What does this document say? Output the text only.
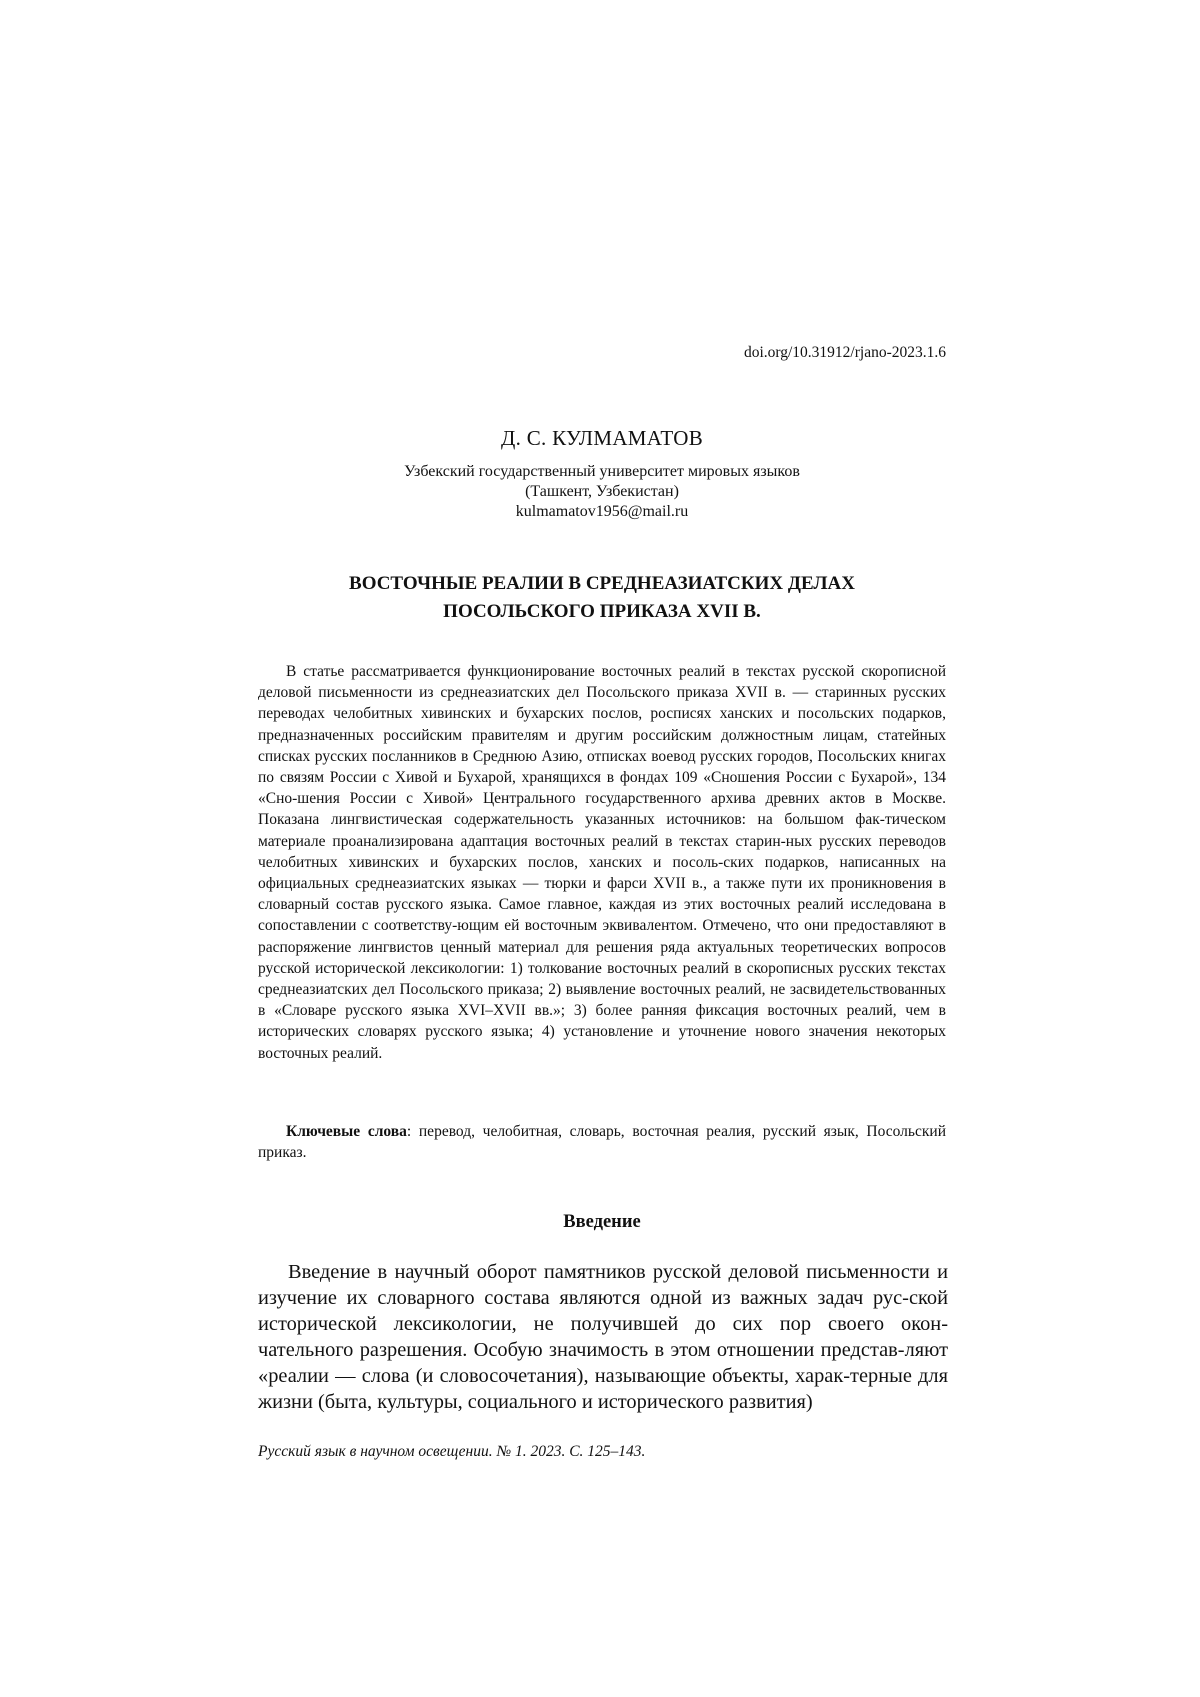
doi.org/10.31912/rjano-2023.1.6

Д. С. КУЛМАМАТОВ

Узбекский государственный университет мировых языков

(Ташкент, Узбекистан)

kulmamatov1956@mail.ru

ВОСТОЧНЫЕ РЕАЛИИ В СРЕДНЕАЗИАТСКИХ ДЕЛАХ
ПОСОЛЬСКОГО ПРИКАЗА XVII В.

В статье рассматривается функционирование восточных реалий в текстах русской скорописной деловой письменности из среднеазиатских дел Посольского приказа XVII в. — старинных русских переводах челобитных хивинских и бухарских послов, росписях ханских и посольских подарков, предназначенных российским правителям и другим российским должностным лицам, статейных списках русских посланников в Среднюю Азию, отписках воевод русских городов, Посольских книгах по связям России с Хивой и Бухарой, хранящихся в фондах 109 «Сношения России с Бухарой», 134 «Сно-шения России с Хивой» Центрального государственного архива древних актов в Москве. Показана лингвистическая содержательность указанных источников: на большом фак-тическом материале проанализирована адаптация восточных реалий в текстах старин-ных русских переводов челобитных хивинских и бухарских послов, ханских и посоль-ских подарков, написанных на официальных среднеазиатских языках — тюрки и фарси XVII в., а также пути их проникновения в словарный состав русского языка. Самое главное, каждая из этих восточных реалий исследована в сопоставлении с соответству-ющим ей восточным эквивалентом. Отмечено, что они предоставляют в распоряжение лингвистов ценный материал для решения ряда актуальных теоретических вопросов русской исторической лексикологии: 1) толкование восточных реалий в скорописных русских текстах среднеазиатских дел Посольского приказа; 2) выявление восточных реалий, не засвидетельствованных в «Словаре русского языка XVI–XVII вв.»; 3) более ранняя фиксация восточных реалий, чем в исторических словарях русского языка; 4) установление и уточнение нового значения некоторых восточных реалий.

Ключевые слова: перевод, челобитная, словарь, восточная реалия, русский язык, Посольский приказ.

Введение

Введение в научный оборот памятников русской деловой письменности и изучение их словарного состава являются одной из важных задач рус-ской исторической лексикологии, не получившей до сих пор своего окон-чательного разрешения. Особую значимость в этом отношении представ-ляют «реалии — слова (и словосочетания), называющие объекты, харак-терные для жизни (быта, культуры, социального и исторического развития)

Русский язык в научном освещении. № 1. 2023. С. 125–143.
